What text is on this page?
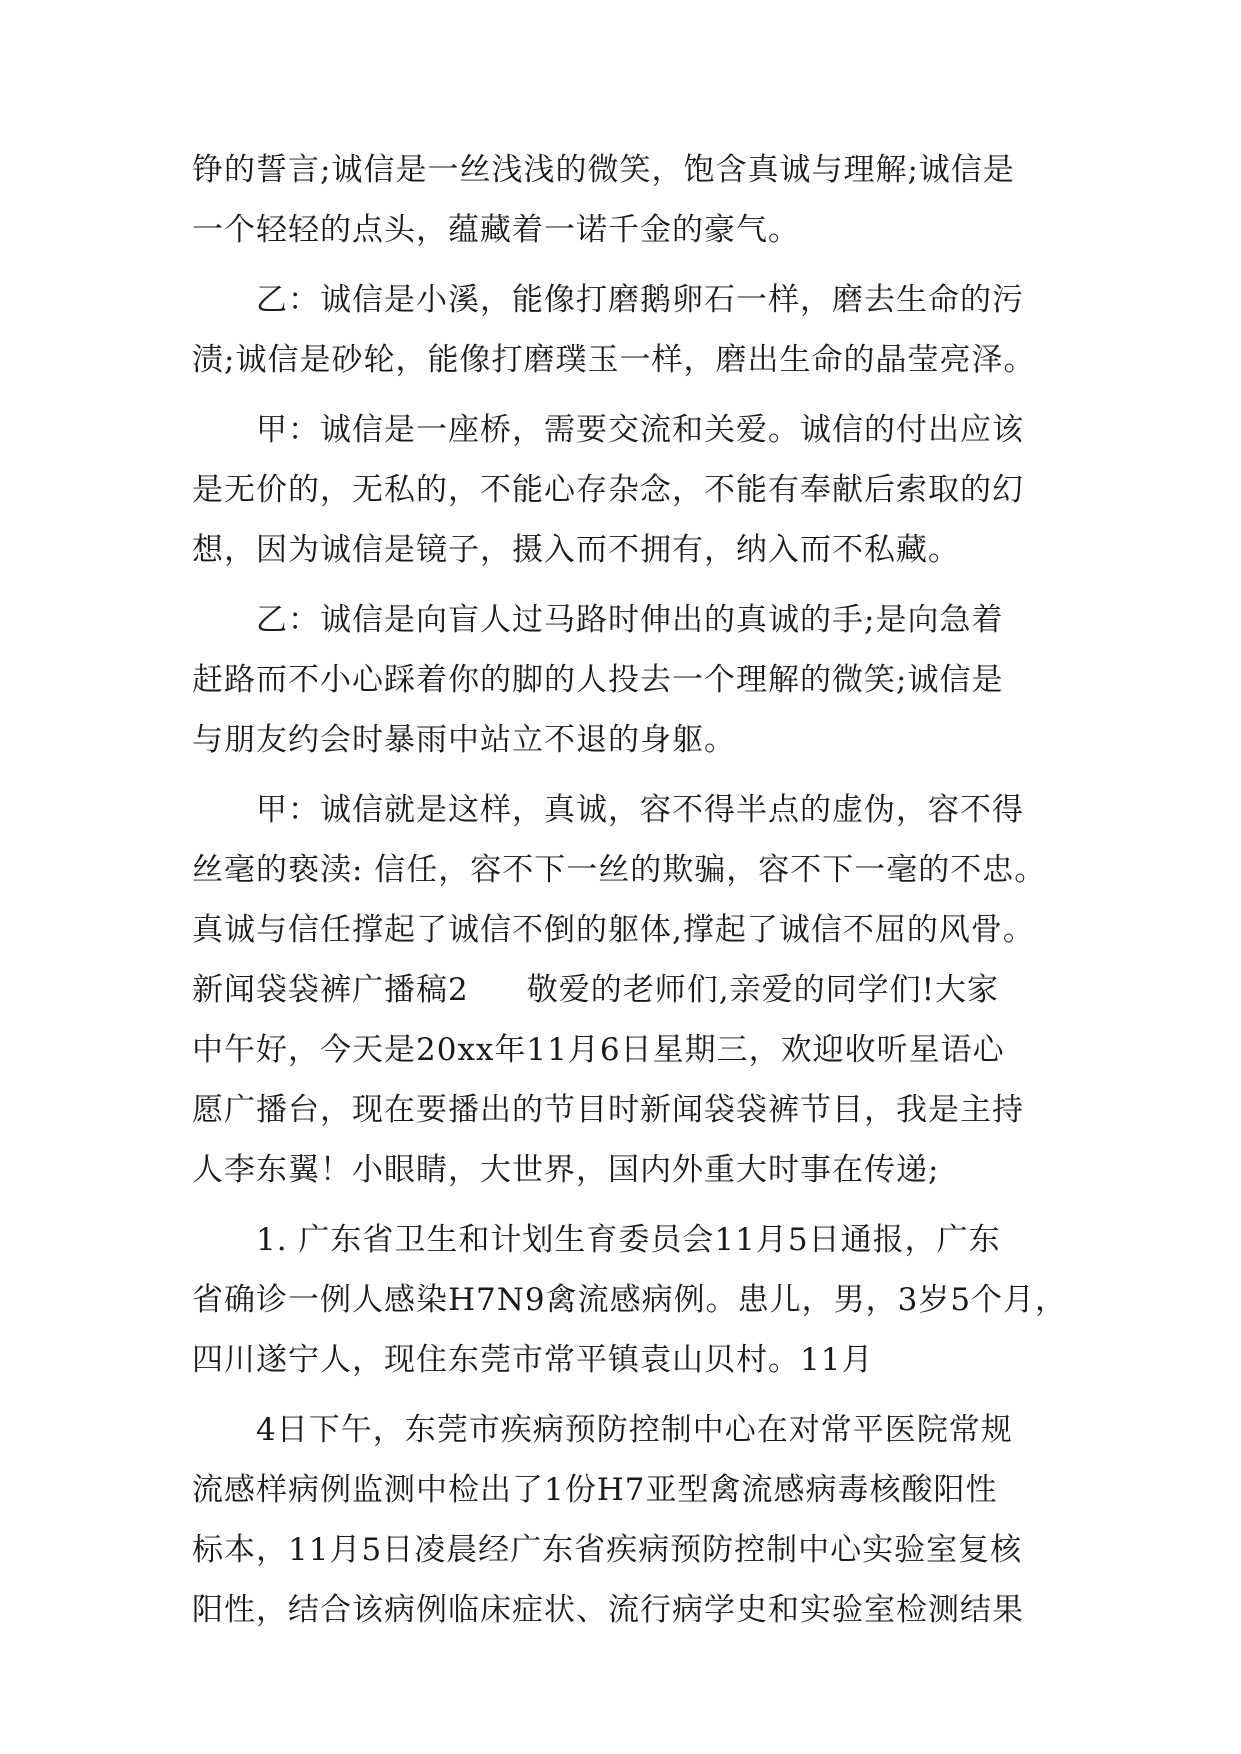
铮的誓言;诚信是一丝浅浅的微笑，饱含真诚与理解;诚信是
一个轻轻的点头，蕴藏着一诺千金的豪气。
乙：诚信是小溪，能像打磨鹅卵石一样，磨去生命的污
渍;诚信是砂轮，能像打磨璞玉一样，磨出生命的晶莹亮泽。
甲：诚信是一座桥，需要交流和关爱。诚信的付出应该
是无价的，无私的，不能心存杂念，不能有奉献后索取的幻
想，因为诚信是镜子，摄入而不拥有，纳入而不私藏。
乙：诚信是向盲人过马路时伸出的真诚的手;是向急着
赶路而不小心踩着你的脚的人投去一个理解的微笑;诚信是
与朋友约会时暴雨中站立不退的身躯。
甲：诚信就是这样，真诚，容不得半点的虚伪，容不得
丝毫的亵渎: 信任，容不下一丝的欺骗，容不下一毫的不忠。
真诚与信任撑起了诚信不倒的躯体,撑起了诚信不屈的风骨。
新闻袋袋裤广播稿2 敬爱的老师们,亲爱的同学们!大家
中午好，今天是20xx年11月6日星期三，欢迎收听星语心
愿广播台，现在要播出的节目时新闻袋袋裤节目，我是主持
人李东翼！小眼睛，大世界，国内外重大时事在传递;
1. 广东省卫生和计划生育委员会11月5日通报，广东
省确诊一例人感染H7N9禽流感病例。患儿，男，3岁5个月，
四川遂宁人，现住东莞市常平镇袁山贝村。11月
4日下午，东莞市疾病预防控制中心在对常平医院常规
流感样病例监测中检出了1份H7亚型禽流感病毒核酸阳性
标本，11月5日凌晨经广东省疾病预防控制中心实验室复核
阳性，结合该病例临床症状、流行病学史和实验室检测结果
